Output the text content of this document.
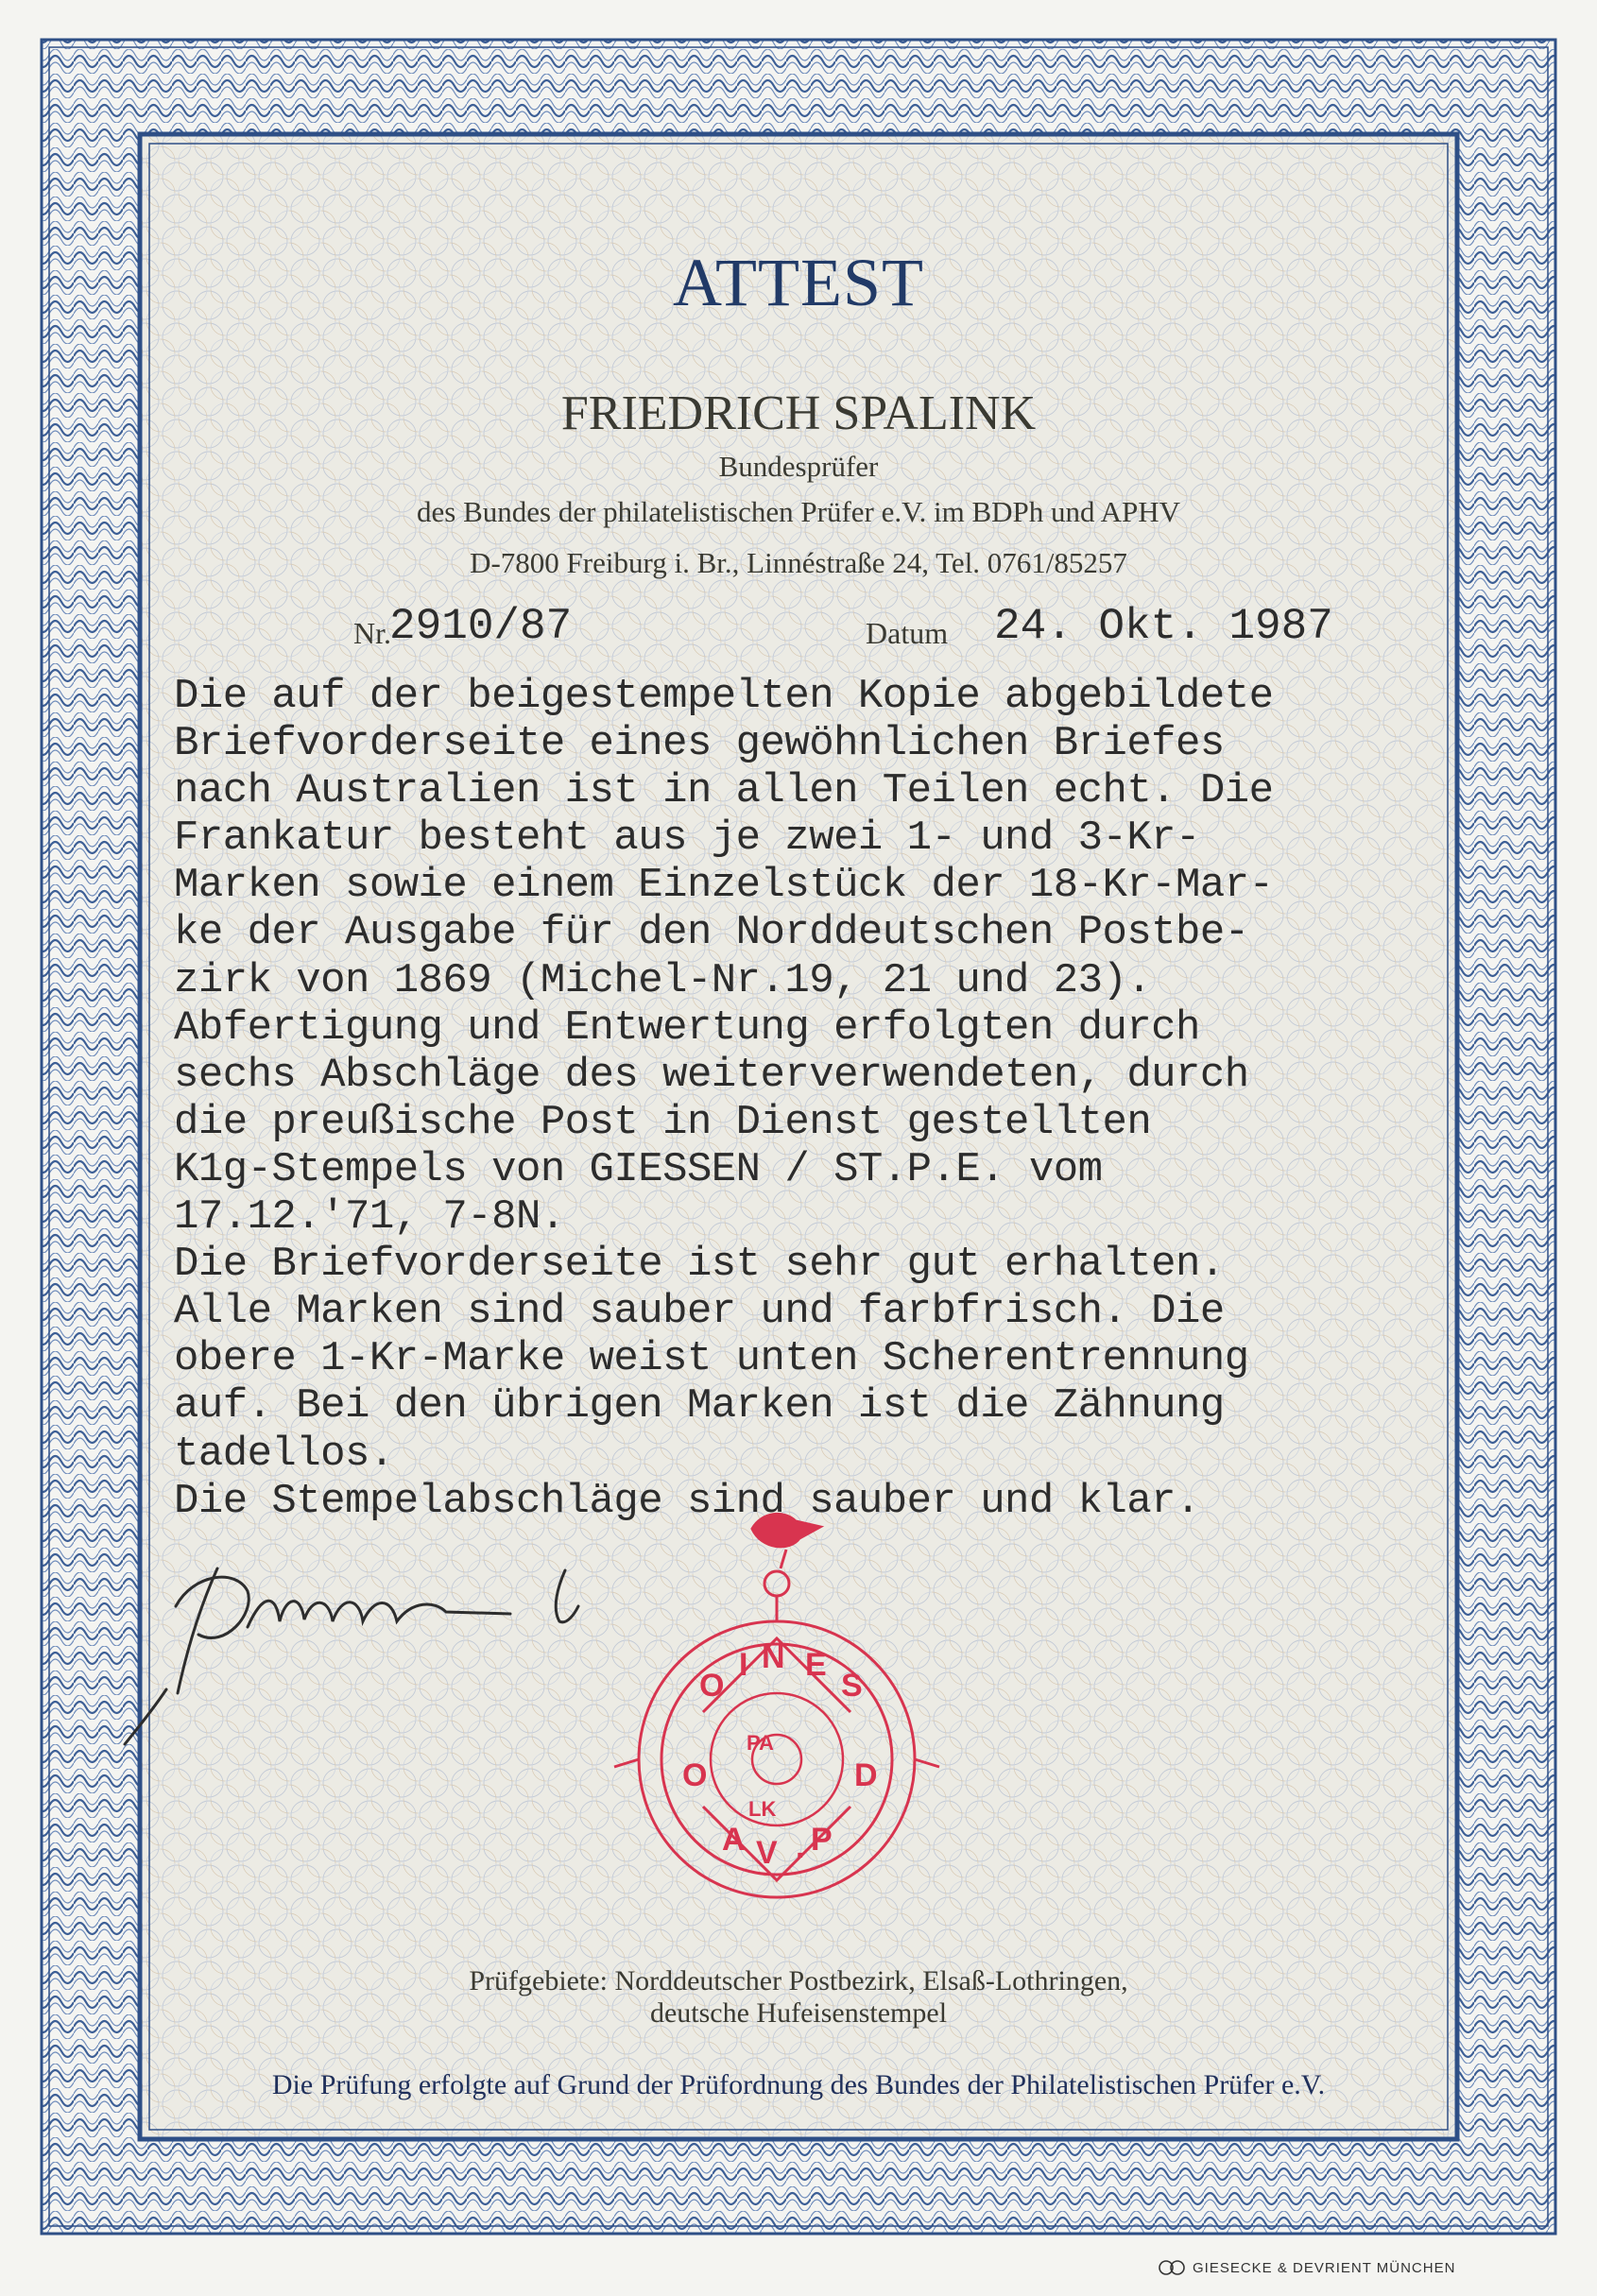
O
I N E
S
O	D
A V . P
PA
LK
ATTEST
FRIEDRICH SPALINK
Bundesprüfer
des Bundes der philatelistischen Prüfer e.V. im BDPh und APHV
D-7800 Freiburg i. Br., Linnéstraße 24, Tel. 0761/85257
Nr.
2910/87	Datum 24. Okt. 1987
Die auf der beigestempelten Kopie abgebildete
Briefvorderseite eines gewöhnlichen Briefes
nach Australien ist in allen Teilen echt. Die
Frankatur besteht aus je zwei 1- und 3-Kr-
Marken sowie einem Einzelstück der 18-Kr-Mar-
ke der Ausgabe für den Norddeutschen Postbe-
zirk von 1869 (Michel-Nr.19, 21 und 23).
Abfertigung und Entwertung erfolgten durch
sechs Abschläge des weiterverwendeten, durch
die preußische Post in Dienst gestellten
K1g-Stempels von GIESSEN / ST.P.E. vom
17.12.'71, 7-8N.
Die Briefvorderseite ist sehr gut erhalten.
Alle Marken sind sauber und farbfrisch. Die
obere 1-Kr-Marke weist unten Scherentrennung
auf. Bei den übrigen Marken ist die Zähnung
tadellos.
Die Stempelabschläge sind sauber und klar.
Prüfgebiete: Norddeutscher Postbezirk, Elsaß-Lothringen,
deutsche Hufeisenstempel
Die Prüfung erfolgte auf Grund der Prüfordnung des Bundes der Philatelistischen Prüfer e.V.
GIESECKE & DEVRIENT MÜNCHEN
